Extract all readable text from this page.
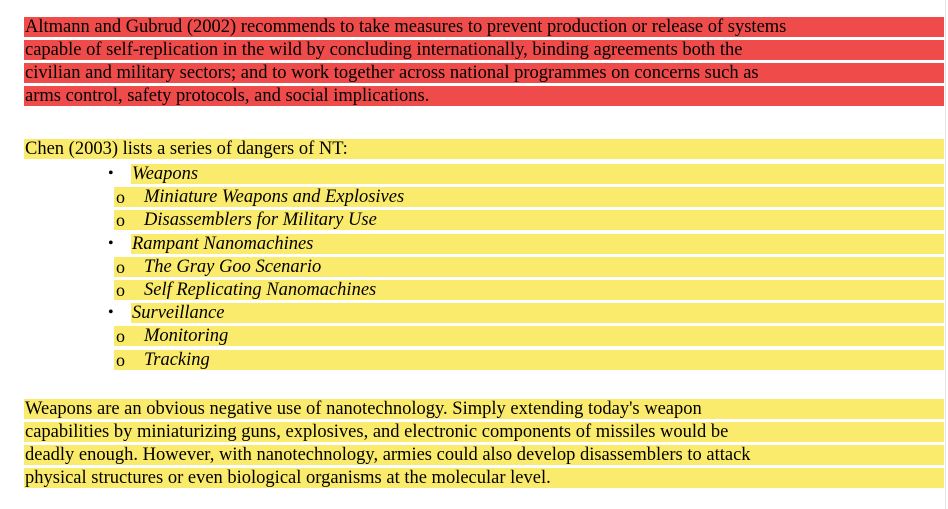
Altmann and Gubrud (2002) recommends to take measures to prevent production or release of systems
capable of self-replication in the wild by concluding internationally, binding agreements both the
civilian and military sectors; and to work together across national programmes on concerns such as
arms control, safety protocols, and social implications.
Chen (2003) lists a series of dangers of NT:
• Weapons
o Miniature Weapons and Explosives
o Disassemblers for Military Use
• Rampant Nanomachines
o The Gray Goo Scenario
o Self Replicating Nanomachines
• Surveillance
o Monitoring
o Tracking
Weapons are an obvious negative use of nanotechnology. Simply extending today's weapon
capabilities by miniaturizing guns, explosives, and electronic components of missiles would be
deadly enough. However, with nanotechnology, armies could also develop disassemblers to attack
physical structures or even biological organisms at the molecular level.
